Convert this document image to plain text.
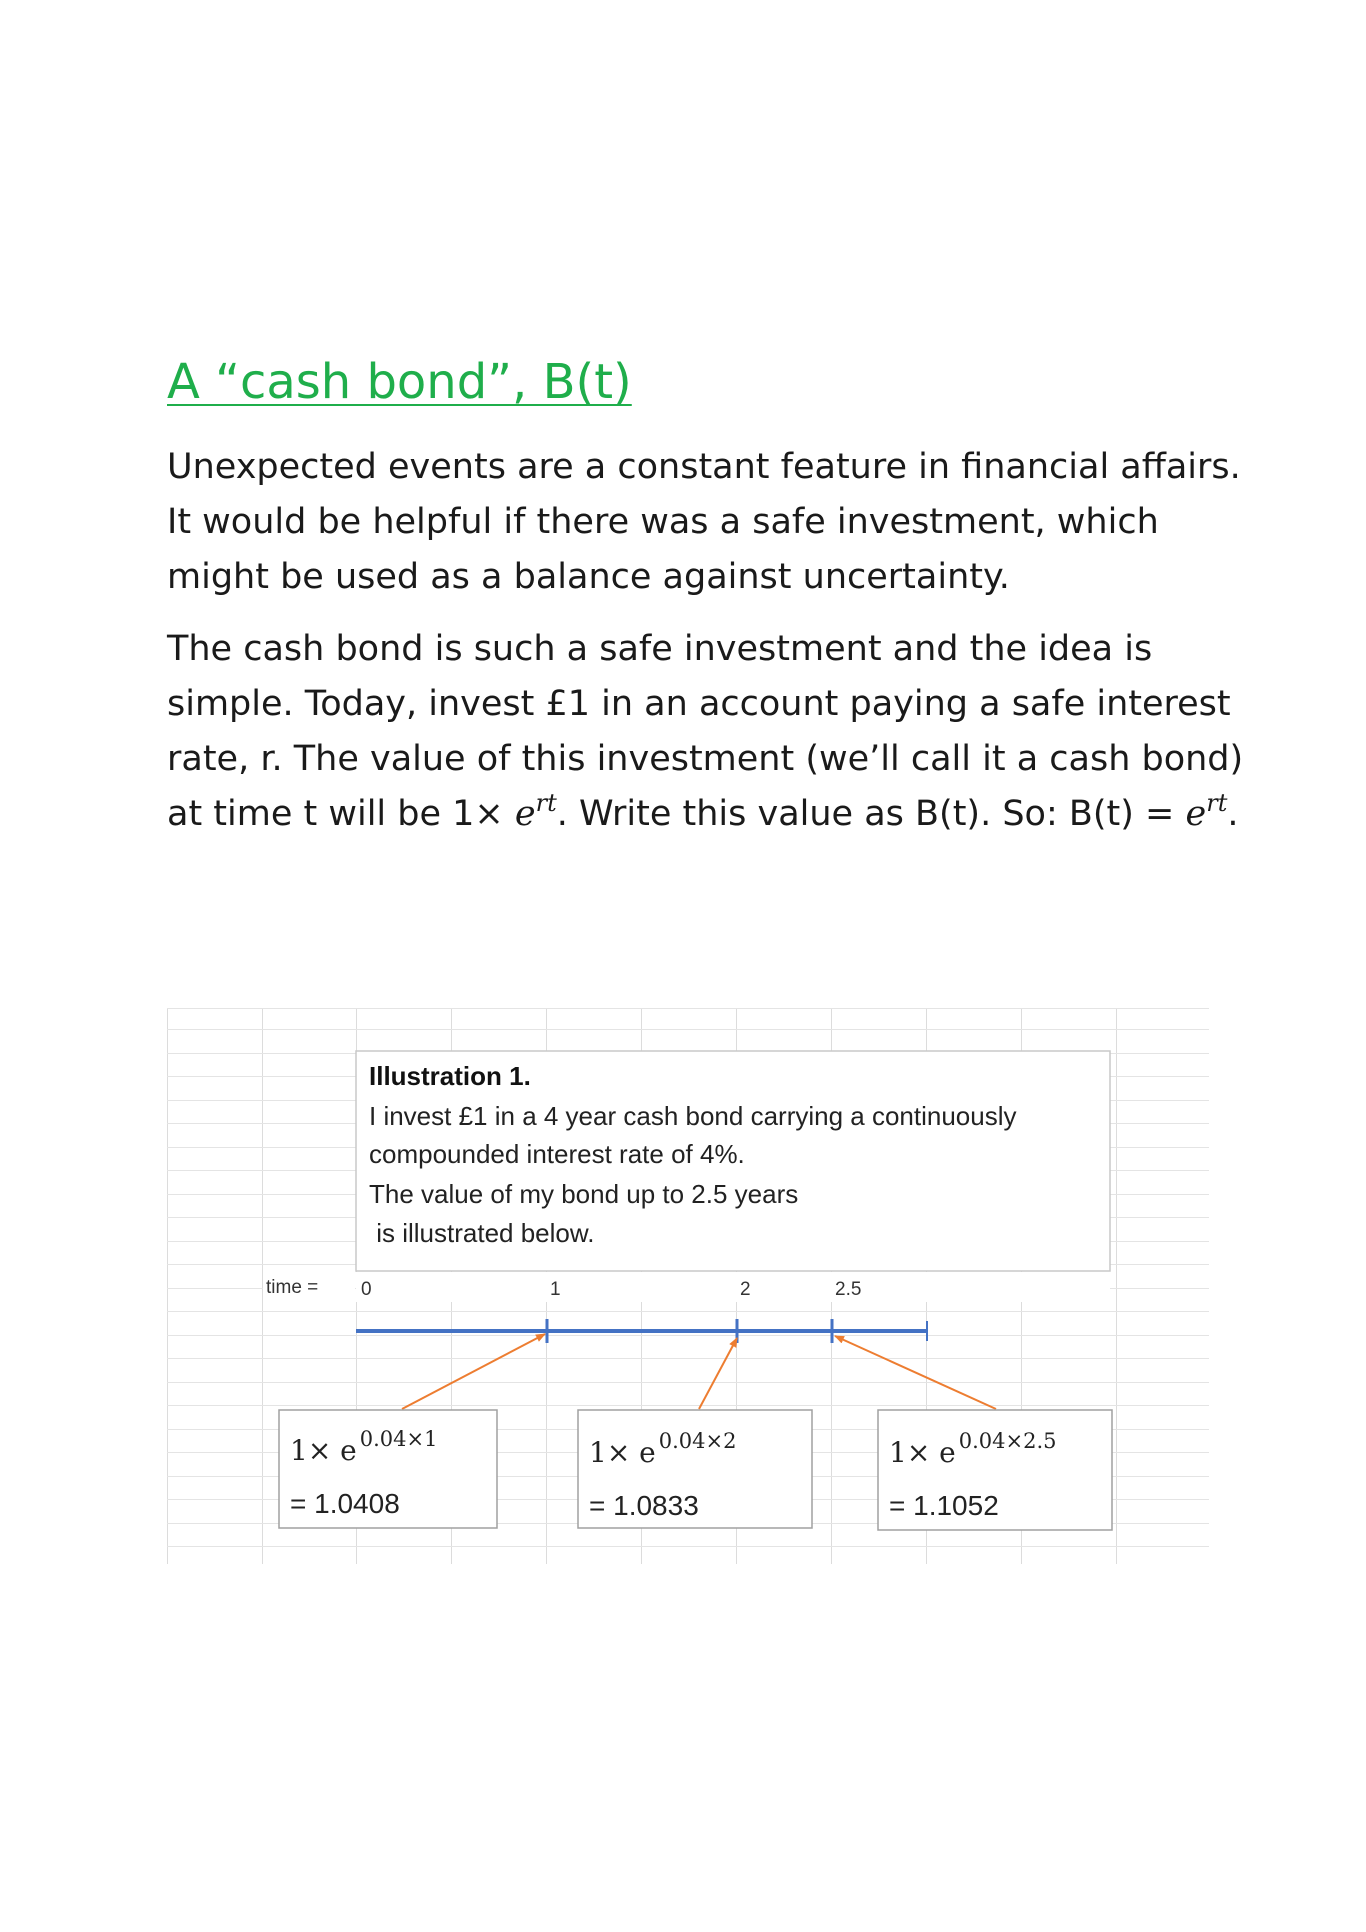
A “cash bond”, B(t)
Unexpected events are a constant feature in financial affairs.
It would be helpful if there was a safe investment, which
might be used as a balance against uncertainty.
The cash bond is such a safe investment and the idea is
simple. Today, invest £1 in an account paying a safe interest
rate, r. The value of this investment (we’ll call it a cash bond)
at time t will be $1\times e^{rt}$. Write this value as B(t). So: $B(t) = e^{rt}$.
Illustration 1.
I invest £1 in a 4 year cash bond carrying a continuously
compounded interest rate of 4%.
The value of my bond up to 2.5 years
is illustrated below.
time = 0	1	2	2.5
1× e 0.04×1
= 1.0408
1× e 0.04×2
= 1.0833
1× e 0.04×2.5
= 1.1052
